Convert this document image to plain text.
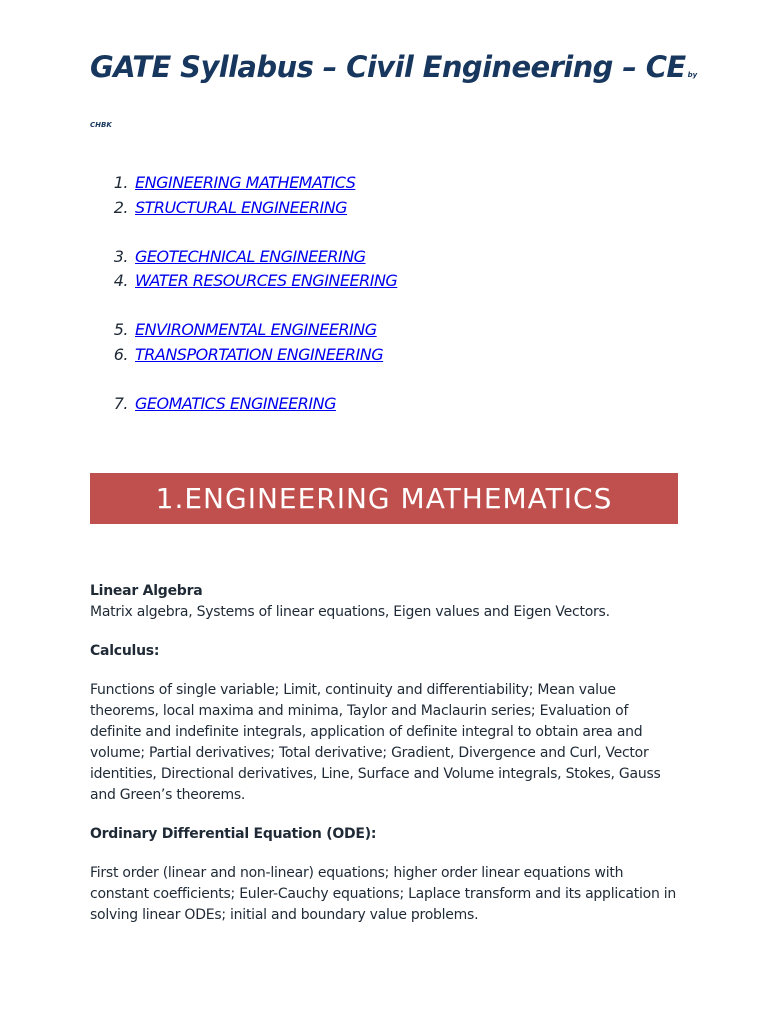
GATE Syllabus – Civil Engineering – CE by
CHBK
1. ENGINEERING MATHEMATICS
2. STRUCTURAL ENGINEERING
3. GEOTECHNICAL ENGINEERING
4. WATER RESOURCES ENGINEERING
5. ENVIRONMENTAL ENGINEERING
6. TRANSPORTATION ENGINEERING
7. GEOMATICS ENGINEERING
1.ENGINEERING MATHEMATICS

Linear Algebra

Matrix algebra, Systems of linear equations, Eigen values and Eigen Vectors.

Calculus:

Functions of single variable; Limit, continuity and differentiability; Mean value theorems, local maxima and minima, Taylor and Maclaurin series; Evaluation of definite and indefinite integrals, application of definite integral to obtain area and volume; Partial derivatives; Total derivative; Gradient, Divergence and Curl, Vector identities, Directional derivatives, Line, Surface and Volume integrals, Stokes, Gauss and Green’s theorems.

Ordinary Differential Equation (ODE):

First order (linear and non-linear) equations; higher order linear equations with constant coefficients; Euler-Cauchy equations; Laplace transform and its application in solving linear ODEs; initial and boundary value problems.
